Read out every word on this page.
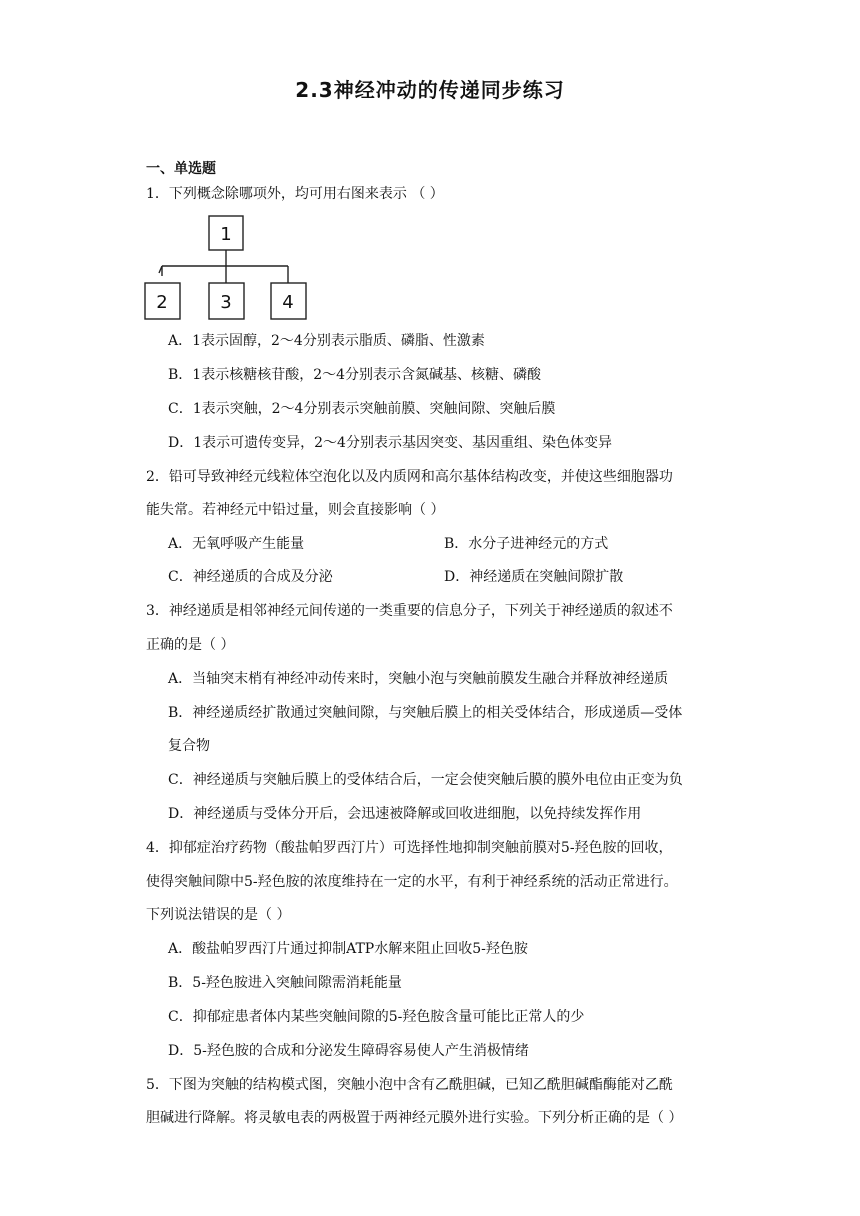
2.3神经冲动的传递同步练习
一、单选题
1．下列概念除哪项外，均可用右图来表示 （ ）
1
2	3	4
A．1表示固醇，2～4分别表示脂质、磷脂、性激素
B．1表示核糖核苷酸，2～4分别表示含氮碱基、核糖、磷酸
C．1表示突触，2～4分别表示突触前膜、突触间隙、突触后膜
D．1表示可遗传变异，2～4分别表示基因突变、基因重组、染色体变异
2．铅可导致神经元线粒体空泡化以及内质网和高尔基体结构改变，并使这些细胞器功
能失常。若神经元中铅过量，则会直接影响（ ）
A．无氧呼吸产生能量	B．水分子进神经元的方式
C．神经递质的合成及分泌	D．神经递质在突触间隙扩散
3．神经递质是相邻神经元间传递的一类重要的信息分子，下列关于神经递质的叙述不
正确的是（ ）
A．当轴突末梢有神经冲动传来时，突触小泡与突触前膜发生融合并释放神经递质
B．神经递质经扩散通过突触间隙，与突触后膜上的相关受体结合，形成递质—受体
复合物
C．神经递质与突触后膜上的受体结合后，一定会使突触后膜的膜外电位由正变为负
D．神经递质与受体分开后，会迅速被降解或回收进细胞，以免持续发挥作用
4．抑郁症治疗药物（酸盐帕罗西汀片）可选择性地抑制突触前膜对5-羟色胺的回收，
使得突触间隙中5-羟色胺的浓度维持在一定的水平，有利于神经系统的活动正常进行。
下列说法错误的是（ ）
A．酸盐帕罗西汀片通过抑制ATP水解来阻止回收5-羟色胺
B．5-羟色胺进入突触间隙需消耗能量
C．抑郁症患者体内某些突触间隙的5-羟色胺含量可能比正常人的少
D．5-羟色胺的合成和分泌发生障碍容易使人产生消极情绪
5．下图为突触的结构模式图，突触小泡中含有乙酰胆碱，已知乙酰胆碱酯酶能对乙酰
胆碱进行降解。将灵敏电表的两极置于两神经元膜外进行实验。下列分析正确的是（ ）
